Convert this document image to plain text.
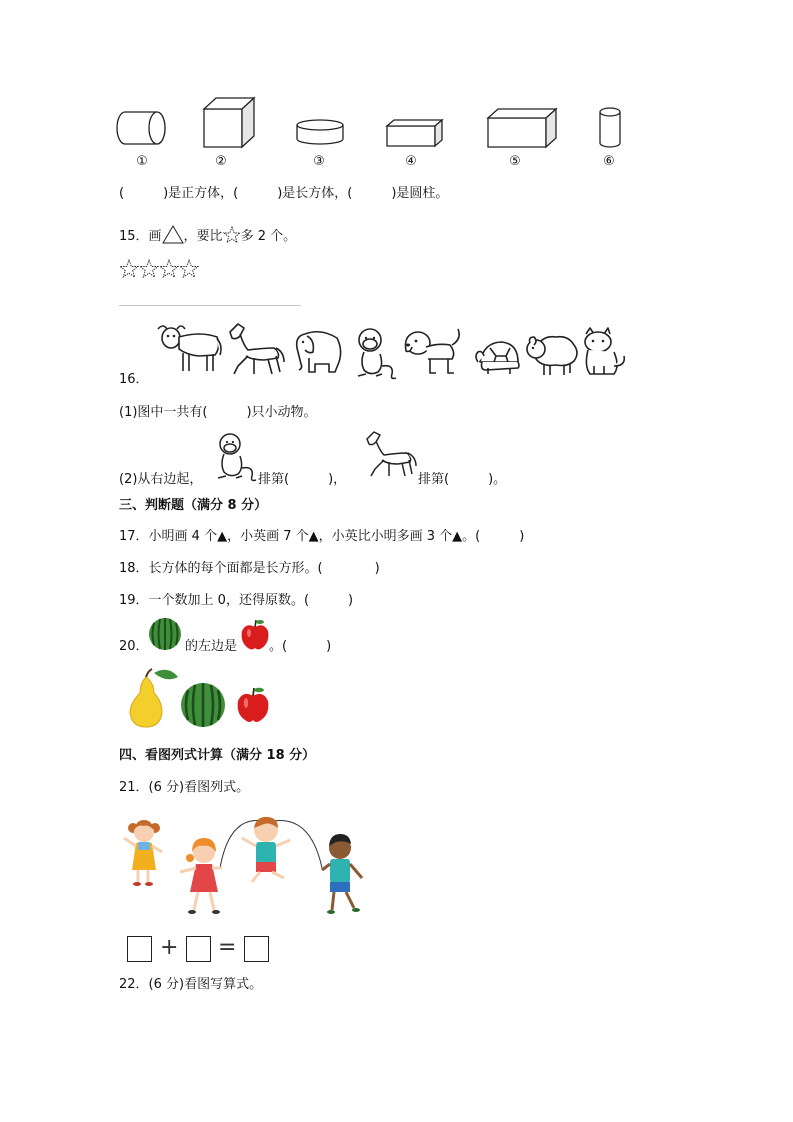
①	②	③	④	⑤	⑥
(　　　)是正方体，(　　　)是长方体，(　　　)是圆柱。
15．画 ，要比 多 2 个。
16．
(1)图中一共有(　　　)只小动物。
(2)从右边起，	排第(　　　)，	排第(　　　)。
三、判断题（满分 8 分）
17．小明画 4 个▲，小英画 7 个▲，小英比小明多画 3 个▲。(　　　)
18．长方体的每个面都是长方形。(　　　　)
19．一个数加上 0，还得原数。(　　　)
20．	的左边是 。(　　　)
四、看图列式计算（满分 18 分）
21．(6 分)看图列式。
+ =
22．(6 分)看图写算式。
